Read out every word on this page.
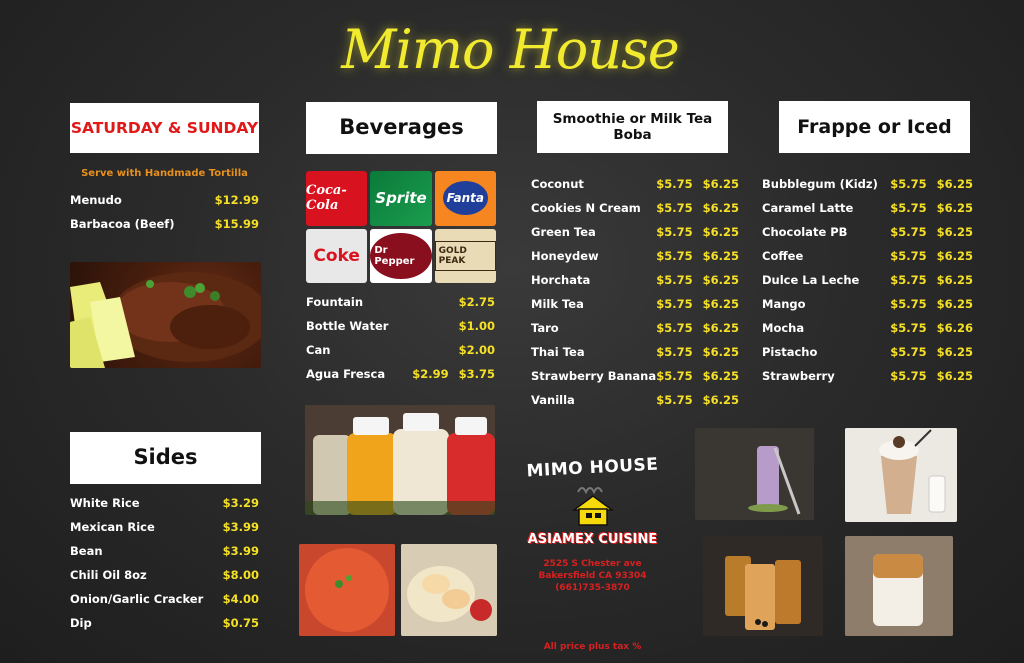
Mimo House
SATURDAY & SUNDAY
Serve with Handmade Tortilla
Menudo	$12.99
Barbacoa (Beef)	$15.99
Sides
White Rice	$3.29
Mexican Rice	$3.99
Bean	$3.99
Chili Oil 8oz	$8.00
Onion/Garlic Cracker $4.00
Dip	$0.75
Beverages
Coca-Cola	Sprite	Fanta
Coke	Dr Pepper
GOLD PEAK
Fountain	$2.75
Bottle Water	$1.00
Can	$2.00
Agua Fresca $2.99 $3.75
Smoothie or Milk Tea Boba
Coconut	$5.75 $6.25
Cookies N Cream $5.75 $6.25
Green Tea	$5.75 $6.25
Honeydew	$5.75 $6.25
Horchata	$5.75 $6.25
Milk Tea	$5.75 $6.25
Taro	$5.75 $6.25
Thai Tea	$5.75 $6.25
Strawberry Banana $5.75 $6.25
Vanilla	$5.75 $6.25
MIMO HOUSE
ASIAMEX CUISINE
2525 S Chester ave
Bakersfield CA 93304
(661)735-3870
All price plus tax %
Frappe or Iced
Bubblegum (Kidz) $5.75 $6.25
Caramel Latte	$5.75 $6.25
Chocolate PB	$5.75 $6.25
Coffee	$5.75 $6.25
Dulce La Leche	$5.75 $6.25
Mango	$5.75 $6.25
Mocha	$5.75 $6.26
Pistacho	$5.75 $6.25
Strawberry	$5.75 $6.25
